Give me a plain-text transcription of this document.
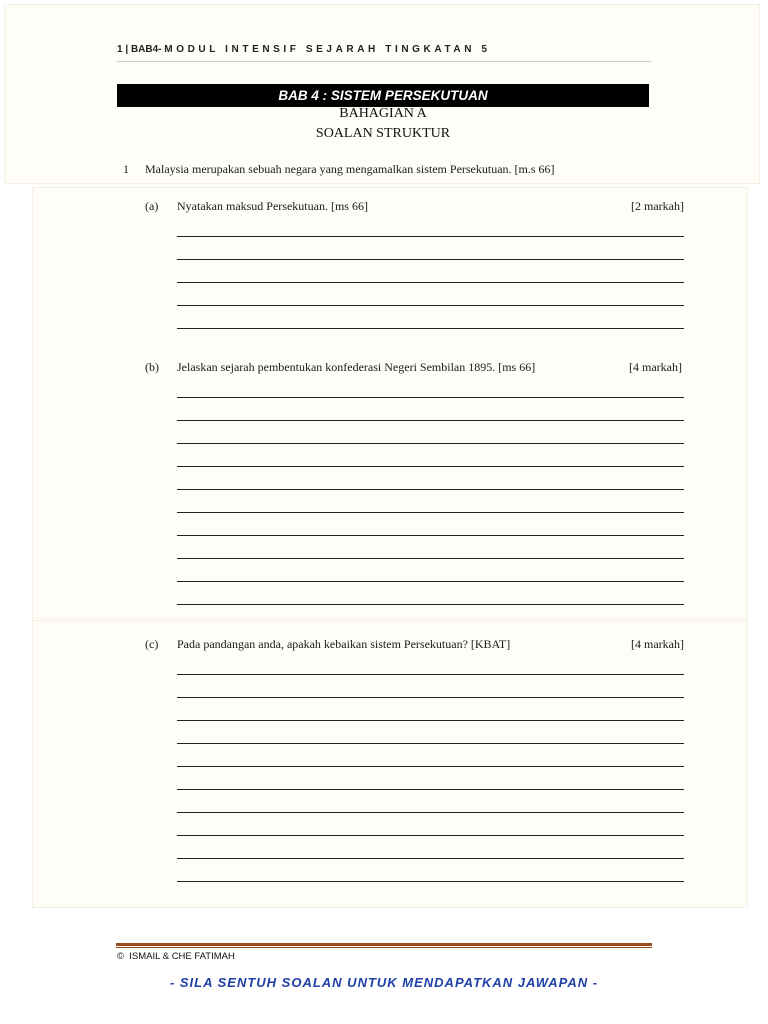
1 | BAB4- MODUL INTENSIF SEJARAH TINGKATAN 5
BAB 4 : SISTEM PERSEKUTUAN
BAHAGIAN A
SOALAN STRUKTUR
1 Malaysia merupakan sebuah negara yang mengamalkan sistem Persekutuan. [m.s 66]
(a) Nyatakan maksud Persekutuan. [ms 66]	[2 markah]
(b) Jelaskan sejarah pembentukan konfederasi Negeri Sembilan 1895. [ms 66]	[4 markah]
(c) Pada pandangan anda, apakah kebaikan sistem Persekutuan? [KBAT]	[4 markah]
© ISMAIL & CHE FATIMAH
- SILA SENTUH SOALAN UNTUK MENDAPATKAN JAWAPAN -
